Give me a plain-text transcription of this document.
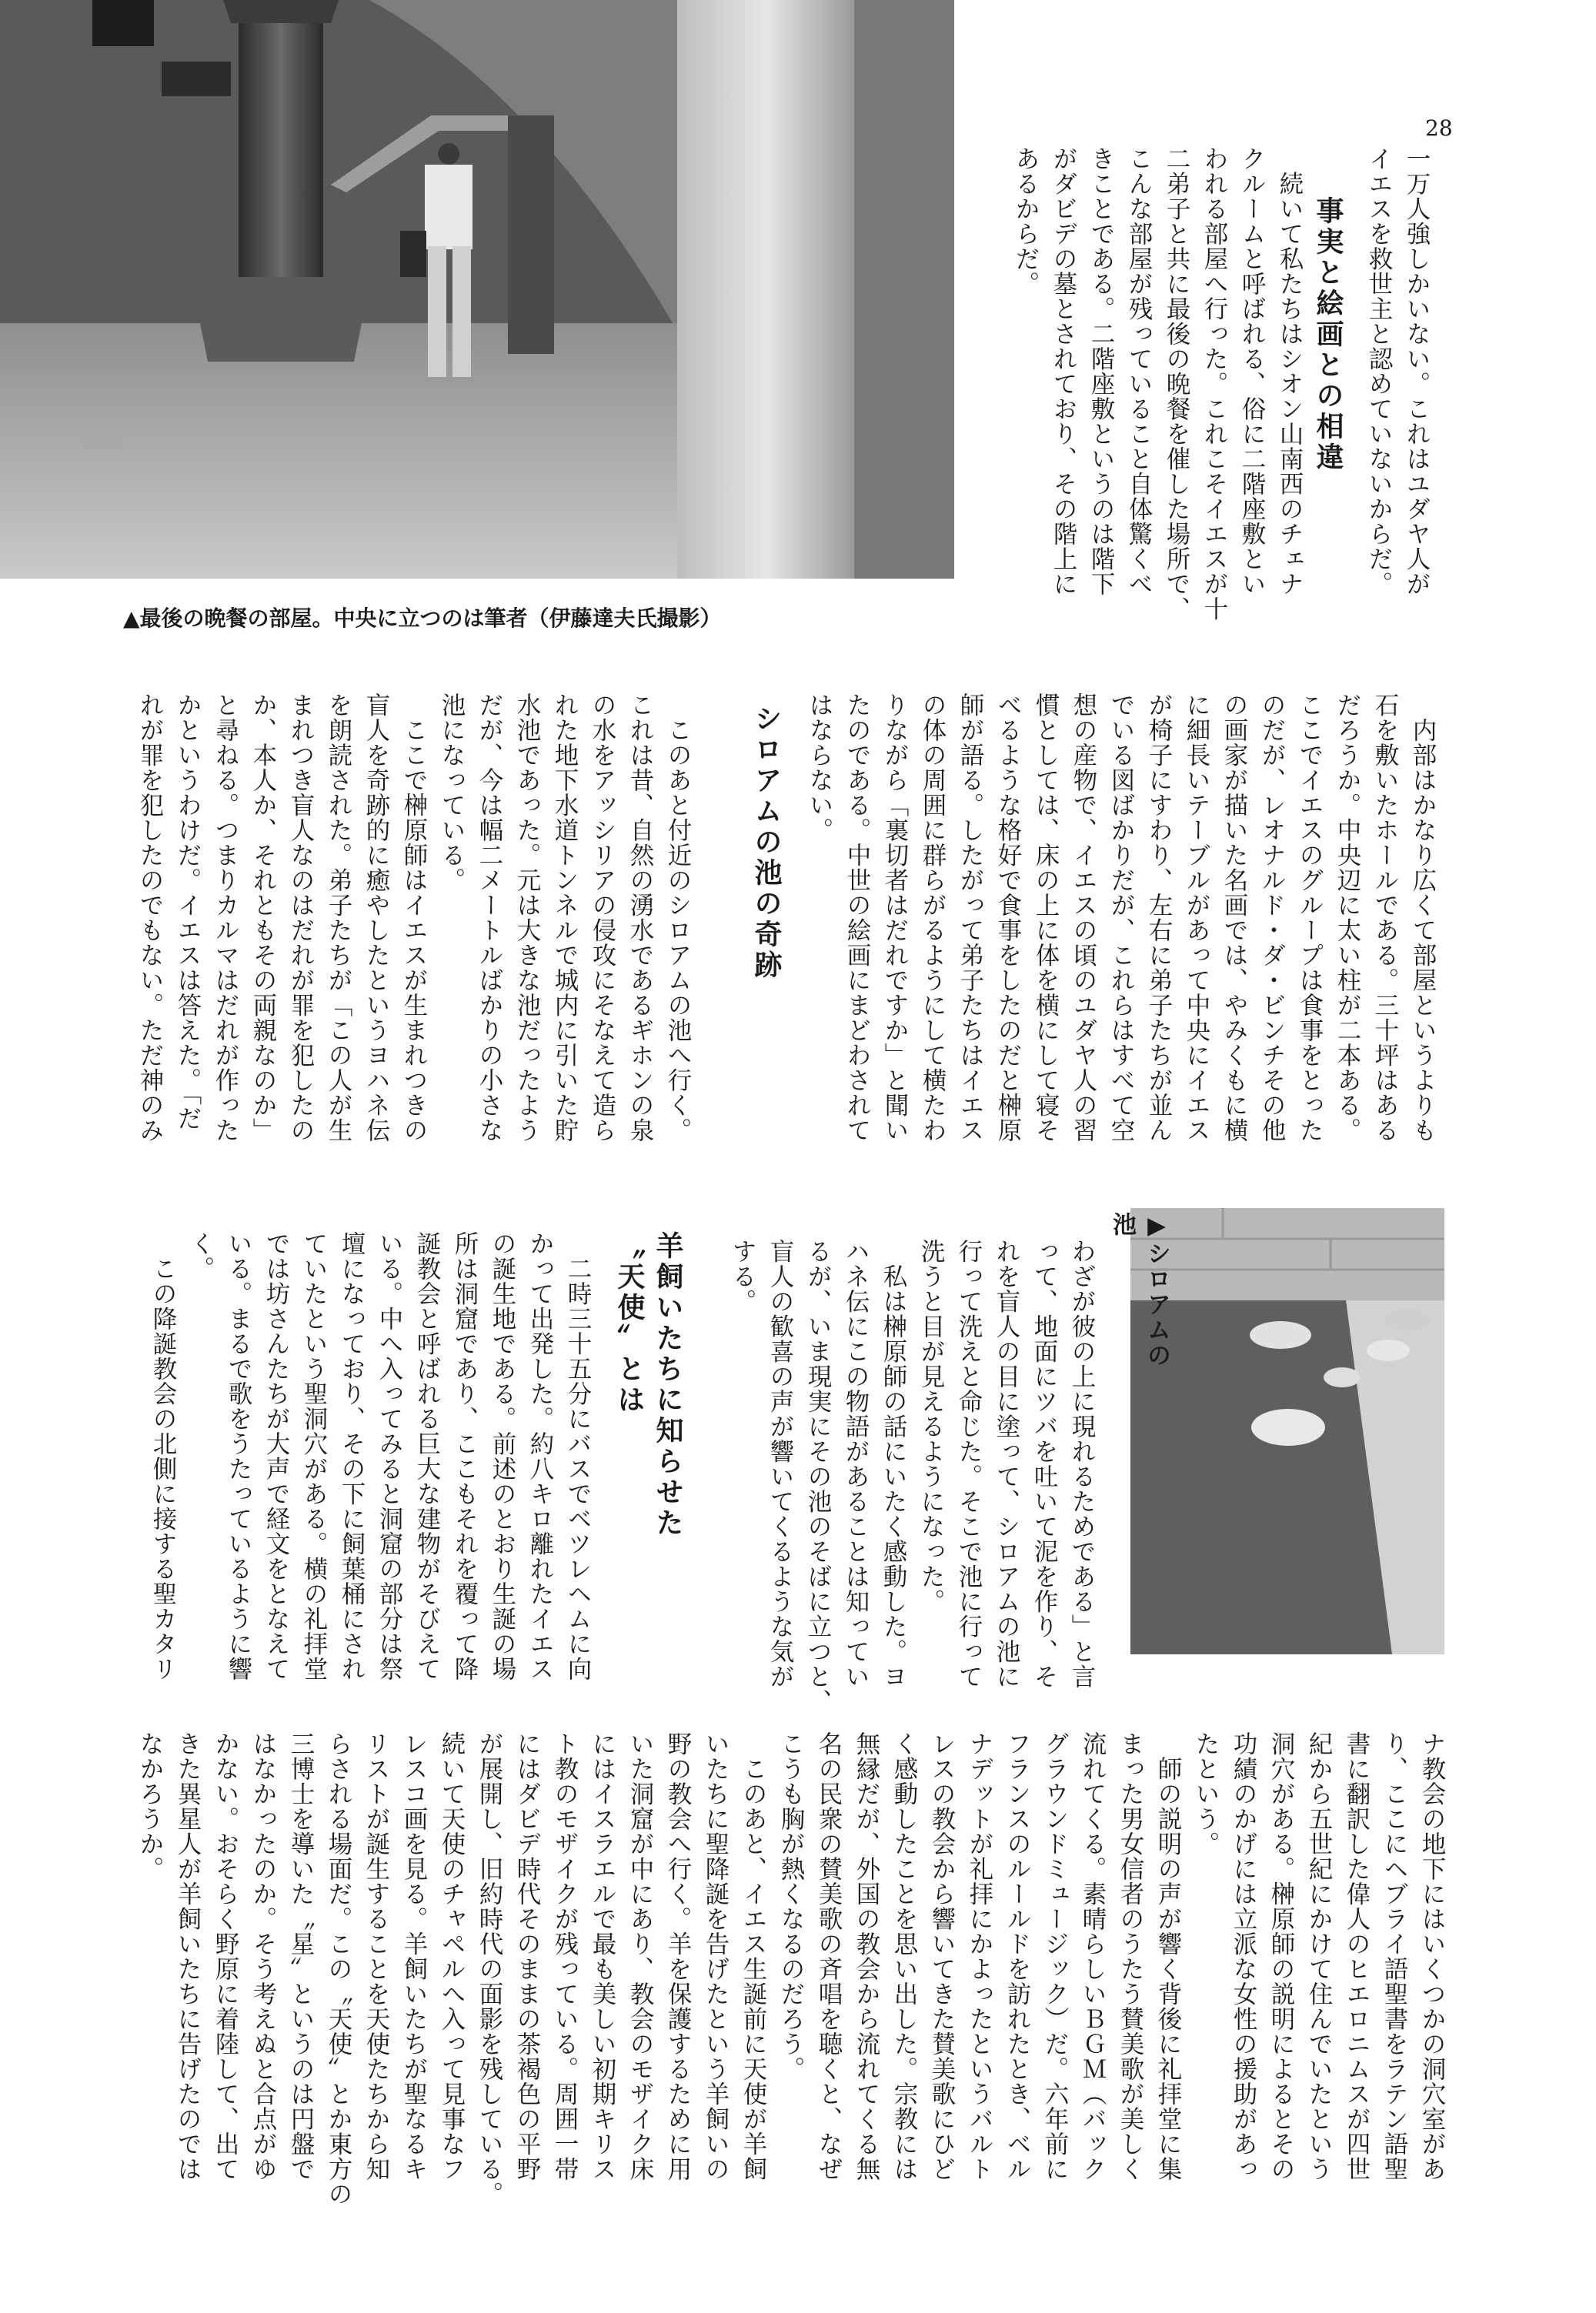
28
▲最後の晩餐の部屋。中央に立つのは筆者（伊藤達夫氏撮影）
一万人強しかいない。これはユダヤ人が
イエスを救世主と認めていないからだ。
事実と絵画との相違
　続いて私たちはシオン山南西のチェナ
クルームと呼ばれる、俗に二階座敷とい
われる部屋へ行った。これこそイエスが十
二弟子と共に最後の晩餐を催した場所で、
こんな部屋が残っていること自体驚くべ
きことである。二階座敷というのは階下
がダビデの墓とされており、その階上に
あるからだ。
　内部はかなり広くて部屋というよりも
石を敷いたホールである。三十坪はある
だろうか。中央辺に太い柱が二本ある。
ここでイエスのグループは食事をとった
のだが、レオナルド・ダ・ビンチその他
の画家が描いた名画では、やみくもに横
に細長いテーブルがあって中央にイエス
が椅子にすわり、左右に弟子たちが並ん
でいる図ばかりだが、これらはすべて空
想の産物で、イエスの頃のユダヤ人の習
慣としては、床の上に体を横にして寝そ
べるような格好で食事をしたのだと榊原
師が語る。したがって弟子たちはイエス
の体の周囲に群らがるようにして横たわ
りながら「裏切者はだれですか」と聞い
たのである。中世の絵画にまどわされて
はならない。
シロアムの池の奇跡
　このあと付近のシロアムの池へ行く。
これは昔、自然の湧水であるギホンの泉
の水をアッシリアの侵攻にそなえて造ら
れた地下水道トンネルで城内に引いた貯
水池であった。元は大きな池だったよう
だが、今は幅二メートルばかりの小さな
池になっている。
　ここで榊原師はイエスが生まれつきの
盲人を奇跡的に癒やしたというヨハネ伝
を朗読された。弟子たちが「この人が生
まれつき盲人なのはだれが罪を犯したの
か、本人か、それともその両親なのか」
と尋ねる。つまりカルマはだれが作った
かというわけだ。イエスは答えた。「だ
れが罪を犯したのでもない。ただ神のみ
▶シロアムの池
わざが彼の上に現れるためである」と言
って、地面にツバを吐いて泥を作り、そ
れを盲人の目に塗って、シロアムの池に
行って洗えと命じた。そこで池に行って
洗うと目が見えるようになった。
　私は榊原師の話にいたく感動した。ヨ
ハネ伝にこの物語があることは知ってい
るが、いま現実にその池のそばに立つと、
盲人の歓喜の声が響いてくるような気が
する。
ナ教会の地下にはいくつかの洞穴室があ
り、ここにヘブライ語聖書をラテン語聖
書に翻訳した偉人のヒエロニムスが四世
紀から五世紀にかけて住んでいたという
洞穴がある。榊原師の説明によるとその
功績のかげには立派な女性の援助があっ
たという。
　師の説明の声が響く背後に礼拝堂に集
まった男女信者のうたう賛美歌が美しく
流れてくる。素晴らしいＢＧＭ（バック
グラウンドミュージック）だ。六年前に
フランスのルールドを訪れたとき、ベル
ナデットが礼拝にかよったというバルト
レスの教会から響いてきた賛美歌にひど
く感動したことを思い出した。宗教には
無縁だが、外国の教会から流れてくる無
名の民衆の賛美歌の斉唱を聴くと、なぜ
こうも胸が熱くなるのだろう。
　このあと、イエス生誕前に天使が羊飼
いたちに聖降誕を告げたという羊飼いの
野の教会へ行く。羊を保護するために用
いた洞窟が中にあり、教会のモザイク床
にはイスラエルで最も美しい初期キリス
ト教のモザイクが残っている。周囲一帯
にはダビデ時代そのままの茶褐色の平野
が展開し、旧約時代の面影を残している。
続いて天使のチャペルへ入って見事なフ
レスコ画を見る。羊飼いたちが聖なるキ
リストが誕生することを天使たちから知
らされる場面だ。この〝天使〟とか東方の
三博士を導いた〝星〟というのは円盤で
はなかったのか。そう考えぬと合点がゆ
かない。おそらく野原に着陸して、出て
きた異星人が羊飼いたちに告げたのでは
なかろうか。
羊飼いたちに知らせた
〝天使〟とは
　二時三十五分にバスでベツレヘムに向
かって出発した。約八キロ離れたイエス
の誕生地である。前述のとおり生誕の場
所は洞窟であり、ここもそれを覆って降
誕教会と呼ばれる巨大な建物がそびえて
いる。中へ入ってみると洞窟の部分は祭
壇になっており、その下に飼葉桶にされ
ていたという聖洞穴がある。横の礼拝堂
では坊さんたちが大声で経文をとなえて
いる。まるで歌をうたっているように響
く。
　この降誕教会の北側に接する聖カタリ
